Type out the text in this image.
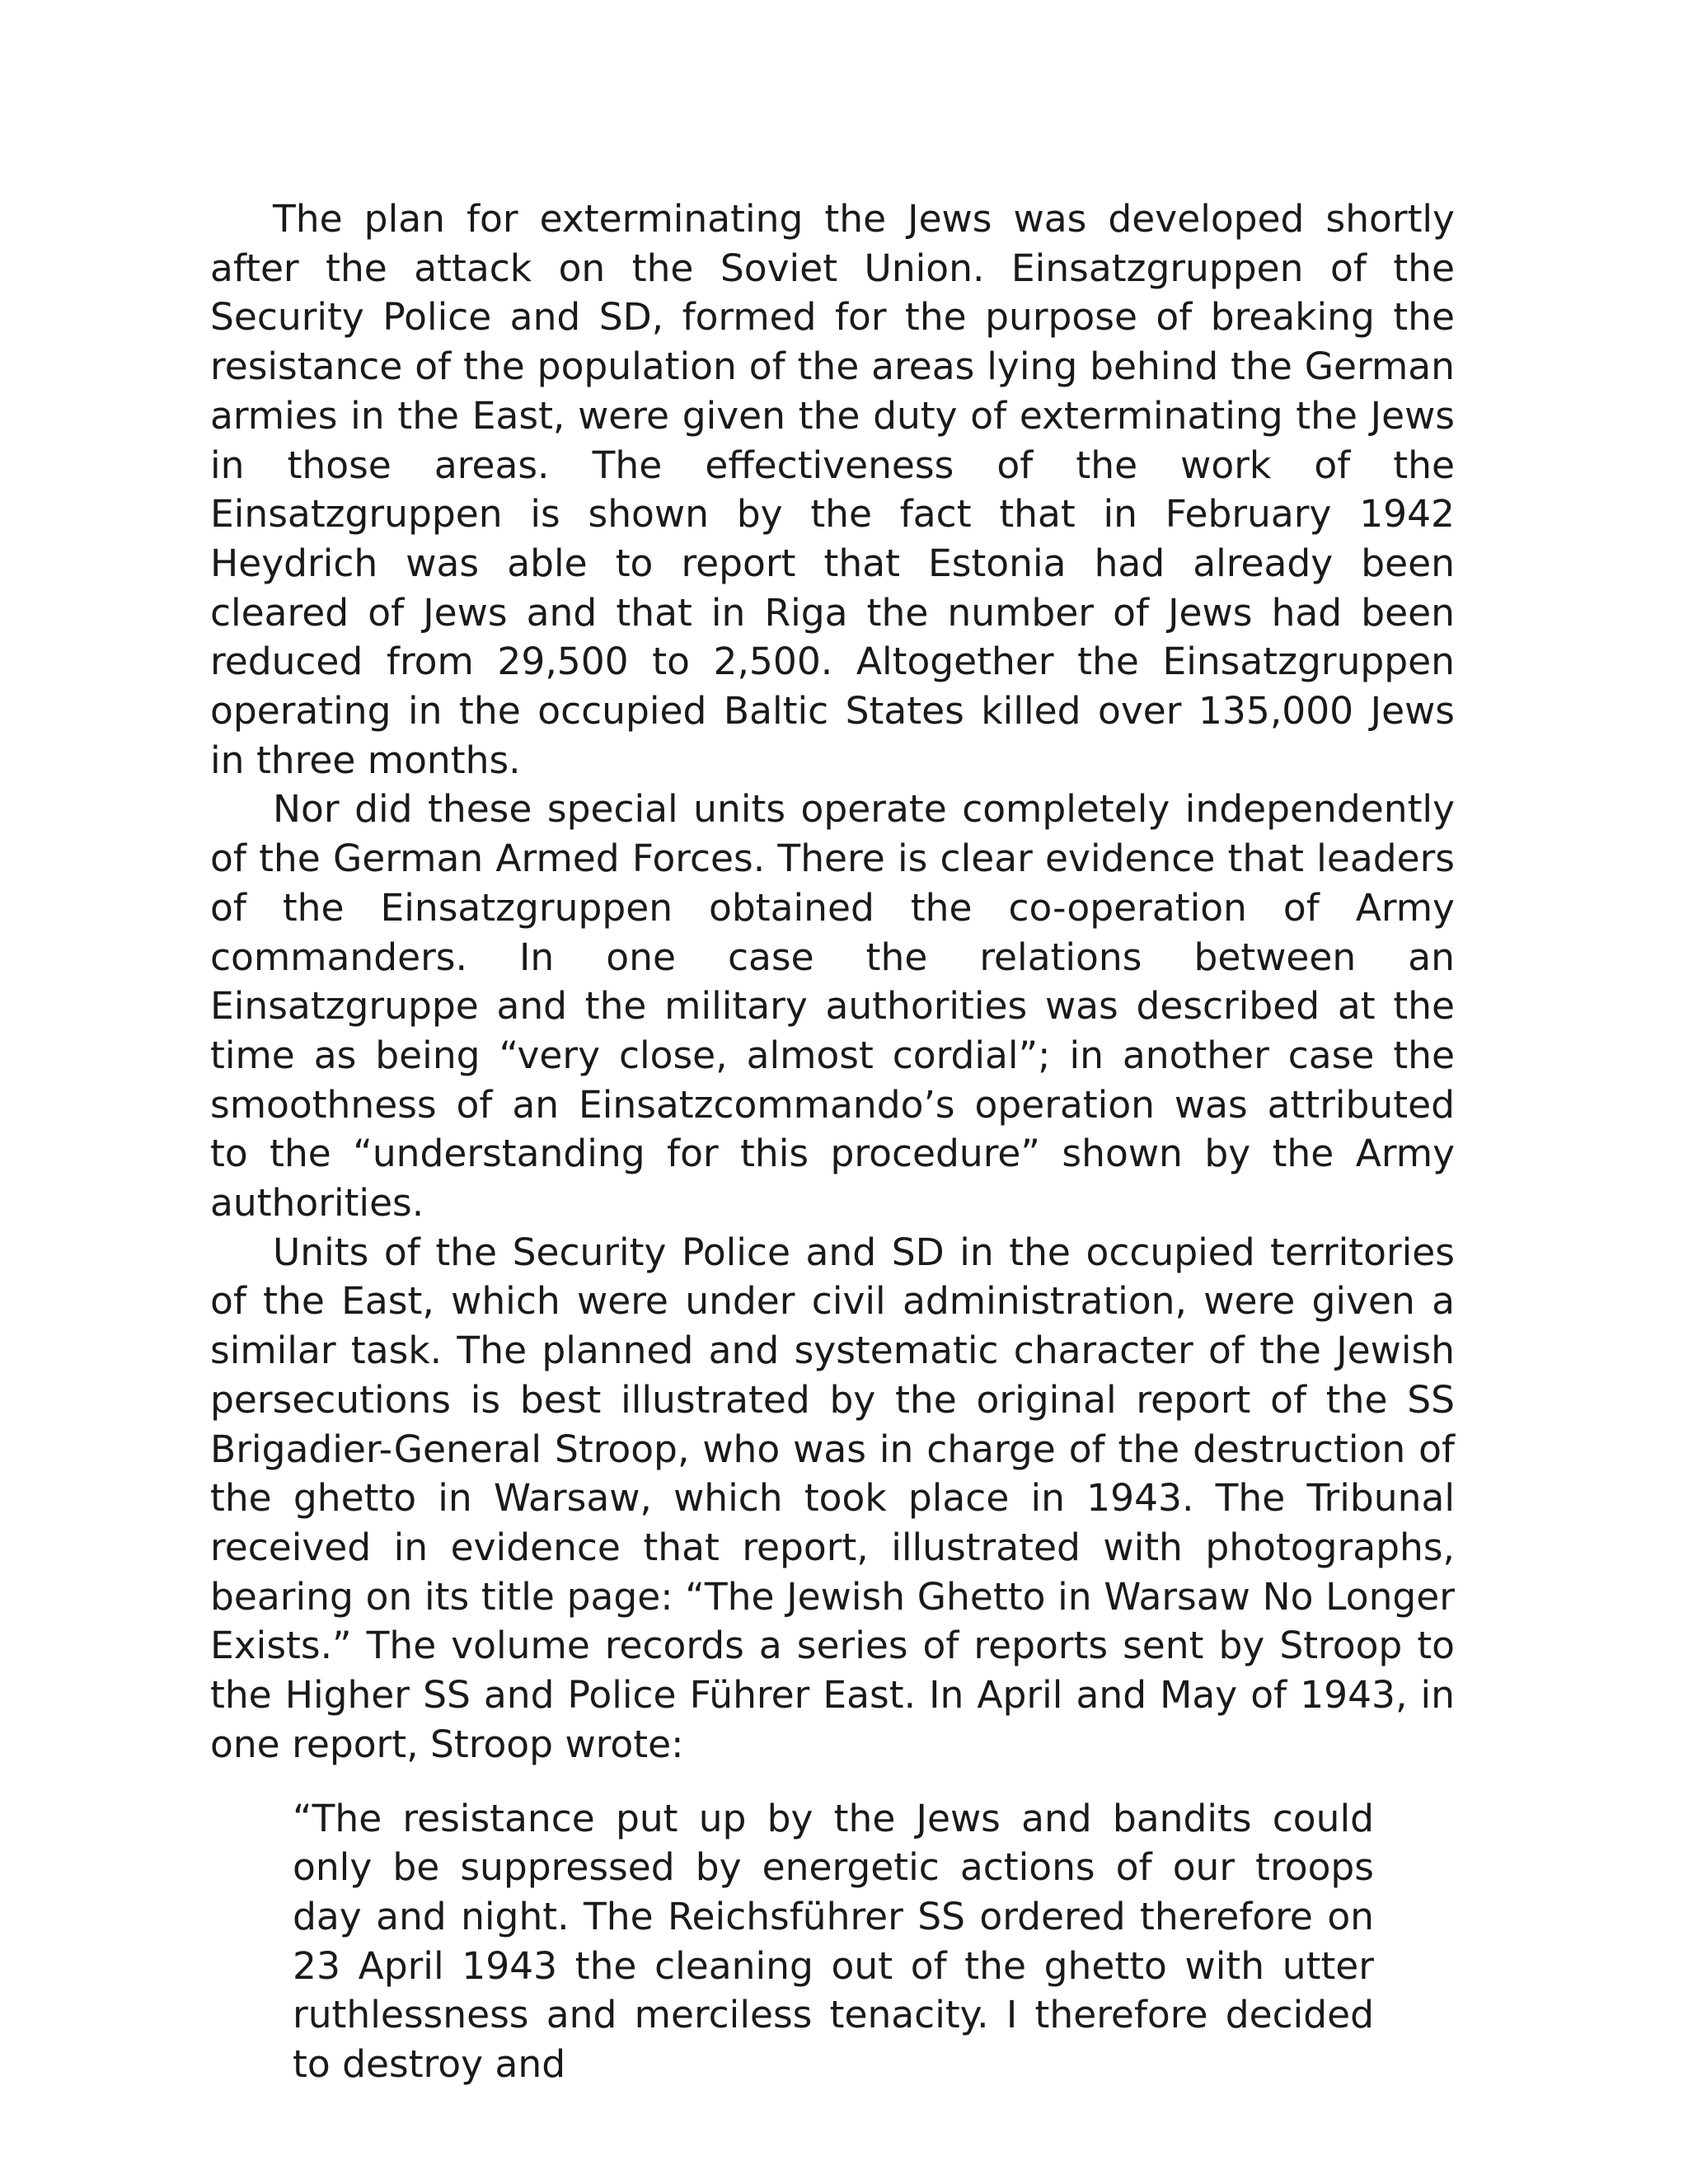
The plan for exterminating the Jews was developed shortly after the attack on the Soviet Union. Einsatzgruppen of the Security Police and SD, formed for the purpose of breaking the resistance of the population of the areas lying behind the German armies in the East, were given the duty of exterminating the Jews in those areas. The effectiveness of the work of the Einsatzgruppen is shown by the fact that in February 1942 Heydrich was able to report that Estonia had already been cleared of Jews and that in Riga the number of Jews had been reduced from 29,500 to 2,500. Altogether the Einsatzgruppen operating in the occupied Baltic States killed over 135,000 Jews in three months.

Nor did these special units operate completely independently of the German Armed Forces. There is clear evidence that leaders of the Einsatzgruppen obtained the co-operation of Army commanders. In one case the relations between an Einsatzgruppe and the military authorities was described at the time as being “very close, almost cordial”; in another case the smoothness of an Einsatzcommando’s operation was attributed to the “understanding for this procedure” shown by the Army authorities.

Units of the Security Police and SD in the occupied territories of the East, which were under civil administration, were given a similar task. The planned and systematic character of the Jewish persecutions is best illustrated by the original report of the SS Brigadier-General Stroop, who was in charge of the destruction of the ghetto in Warsaw, which took place in 1943. The Tribunal received in evidence that report, illustrated with photographs, bearing on its title page: “The Jewish Ghetto in Warsaw No Longer Exists.” The volume records a series of reports sent by Stroop to the Higher SS and Police Führer East. In April and May of 1943, in one report, Stroop wrote:

“The resistance put up by the Jews and bandits could only be suppressed by energetic actions of our troops day and night. The Reichsführer SS ordered therefore on 23 April 1943 the cleaning out of the ghetto with utter ruthlessness and merciless tenacity. I therefore decided to destroy and
